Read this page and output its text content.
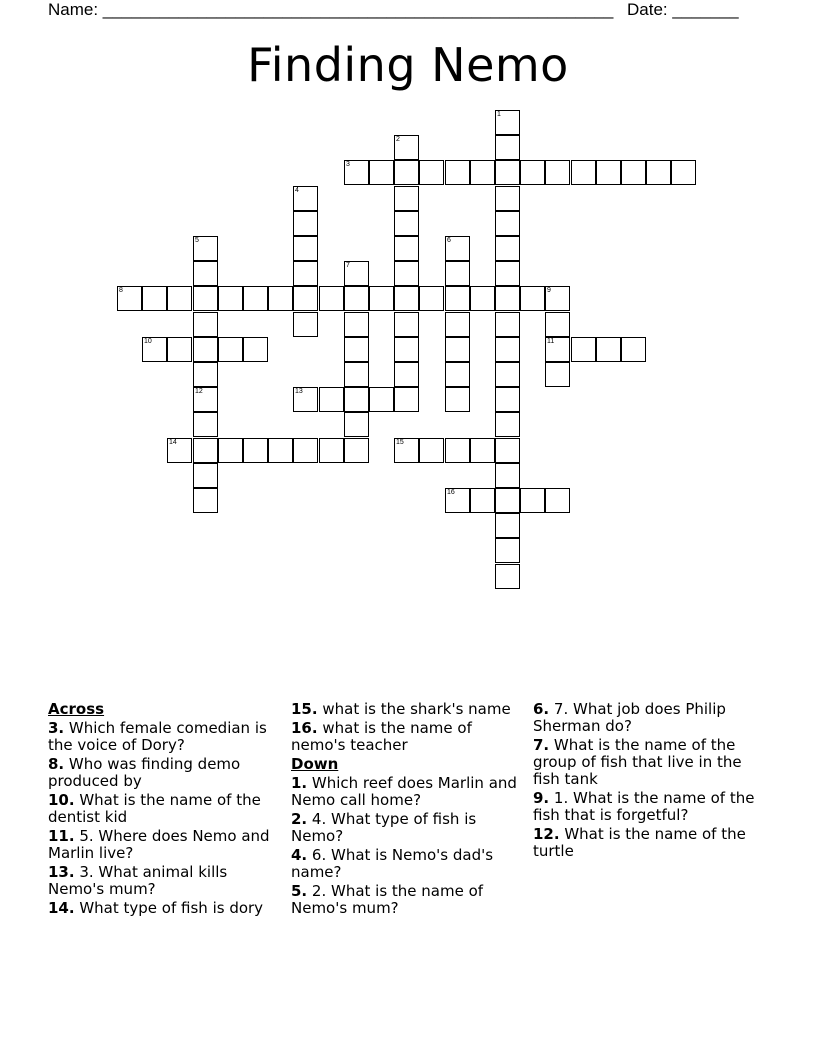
Name: ______________________________________________________ Date: _______
Finding Nemo
1
2
3
4
5
12
6
7
8	9
11
10
13
14	15
16
Across
3. Which female comedian is the voice of Dory?
8. Who was finding demo produced by
10. What is the name of the dentist kid
11. 5. Where does Nemo and Marlin live?
13. 3. What animal kills Nemo's mum?
14. What type of fish is dory
15. what is the shark's name
16. what is the name of nemo's teacher
Down
1. Which reef does Marlin and Nemo call home?
2. 4. What type of fish is Nemo?
4. 6. What is Nemo's dad's name?
5. 2. What is the name of Nemo's mum?
6. 7. What job does Philip Sherman do?
7. What is the name of the group of fish that live in the fish tank
9. 1. What is the name of the fish that is forgetful?
12. What is the name of the turtle
